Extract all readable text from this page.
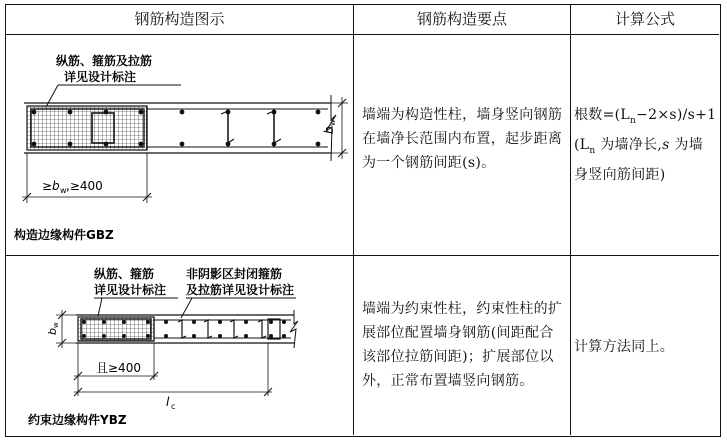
钢筋构造图示	钢筋构造要点	计算公式
纵筋、箍筋及拉筋
详见设计标注
b
w
≥b w ,≥400
构造边缘构件GBZ
墙端为构造性柱，墙身竖向钢筋在墙净长范围内布置，起步距离为一个钢筋间距(s)。
根数$=(L_n-2\times s)/s+1$
($L_n$ 为墙净长,s 为墙
身竖向筋间距)
纵筋、箍筋
详见设计标注
非阴影区封闭箍筋
及拉筋详见设计标注
b
w
且≥400
l c
约束边缘构件YBZ
墙端为约束性柱，约束性柱的扩展部位配置墙身钢筋(间距配合该部位拉筋间距)；扩展部位以外，正常布置墙竖向钢筋。
计算方法同上。
